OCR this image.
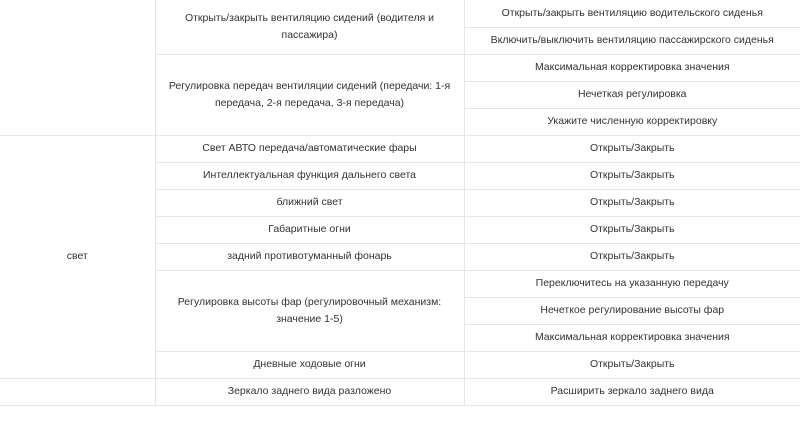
	Открыть/закрыть вентиляцию сидений (водителя и пассажира)	Открыть/закрыть вентиляцию водительского сиденья
		Включить/выключить вентиляцию пассажирского сиденья
	Регулировка передач вентиляции сидений (передачи: 1-я передача, 2-я передача, 3-я передача)	Максимальная корректировка значения
		Нечеткая регулировка
		Укажите численную корректировку
свет	Свет АВТО передача/автоматические фары	Открыть/Закрыть
	Интеллектуальная функция дальнего света	Открыть/Закрыть
	ближний свет	Открыть/Закрыть
	Габаритные огни	Открыть/Закрыть
	задний противотуманный фонарь	Открыть/Закрыть
	Регулировка высоты фар (регулировочный механизм: значение 1-5)	Переключитесь на указанную передачу
		Нечеткое регулирование высоты фар
		Максимальная корректировка значения
	Дневные ходовые огни	Открыть/Закрыть
	Зеркало заднего вида разложено	Расширить зеркало заднего вида
